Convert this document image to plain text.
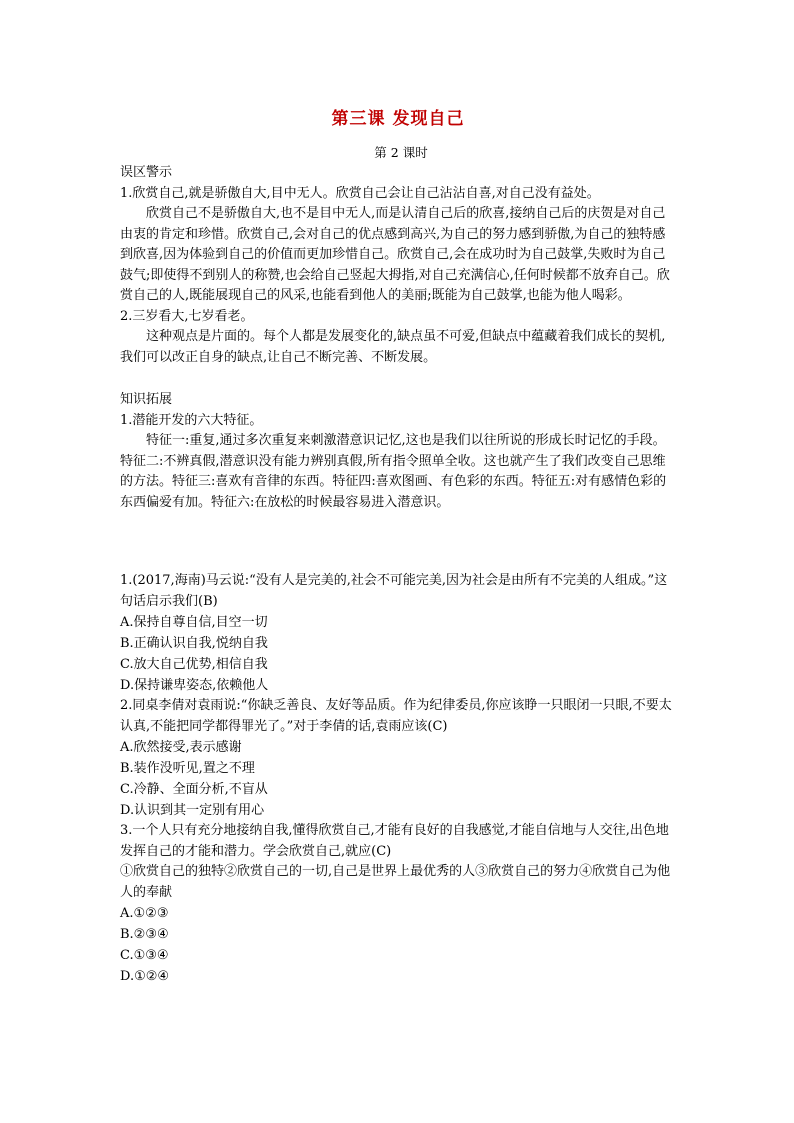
第三课 发现自己
第 2 课时

误区警示

1.欣赏自己,就是骄傲自大,目中无人。欣赏自己会让自己沾沾自喜,对自己没有益处。

欣赏自己不是骄傲自大,也不是目中无人,而是认清自己后的欣喜,接纳自己后的庆贺是对自己由衷的肯定和珍惜。欣赏自己,会对自己的优点感到高兴,为自己的努力感到骄傲,为自己的独特感到欣喜,因为体验到自己的价值而更加珍惜自己。欣赏自己,会在成功时为自己鼓掌,失败时为自己鼓气;即使得不到别人的称赞,也会给自己竖起大拇指,对自己充满信心,任何时候都不放弃自己。欣赏自己的人,既能展现自己的风采,也能看到他人的美丽;既能为自己鼓掌,也能为他人喝彩。

2.三岁看大,七岁看老。

这种观点是片面的。每个人都是发展变化的,缺点虽不可爱,但缺点中蕴藏着我们成长的契机,我们可以改正自身的缺点,让自己不断完善、不断发展。

知识拓展

1.潜能开发的六大特征。

特征一:重复,通过多次重复来刺激潜意识记忆,这也是我们以往所说的形成长时记忆的手段。特征二:不辨真假,潜意识没有能力辨别真假,所有指令照单全收。这也就产生了我们改变自己思维的方法。特征三:喜欢有音律的东西。特征四:喜欢图画、有色彩的东西。特征五:对有感情色彩的东西偏爱有加。特征六:在放松的时候最容易进入潜意识。

1.(2017,海南)马云说:“没有人是完美的,社会不可能完美,因为社会是由所有不完美的人组成。”这句话启示我们(B)

A.保持自尊自信,目空一切

B.正确认识自我,悦纳自我

C.放大自己优势,相信自我

D.保持谦卑姿态,依赖他人

2.同桌李倩对袁雨说:“你缺乏善良、友好等品质。作为纪律委员,你应该睁一只眼闭一只眼,不要太认真,不能把同学都得罪光了。”对于李倩的话,袁雨应该(C)

A.欣然接受,表示感谢

B.装作没听见,置之不理

C.冷静、全面分析,不盲从

D.认识到其一定别有用心

3.一个人只有充分地接纳自我,懂得欣赏自己,才能有良好的自我感觉,才能自信地与人交往,出色地发挥自己的才能和潜力。学会欣赏自己,就应(C)

①欣赏自己的独特②欣赏自己的一切,自己是世界上最优秀的人③欣赏自己的努力④欣赏自己为他人的奉献

A.①②③

B.②③④

C.①③④

D.①②④
